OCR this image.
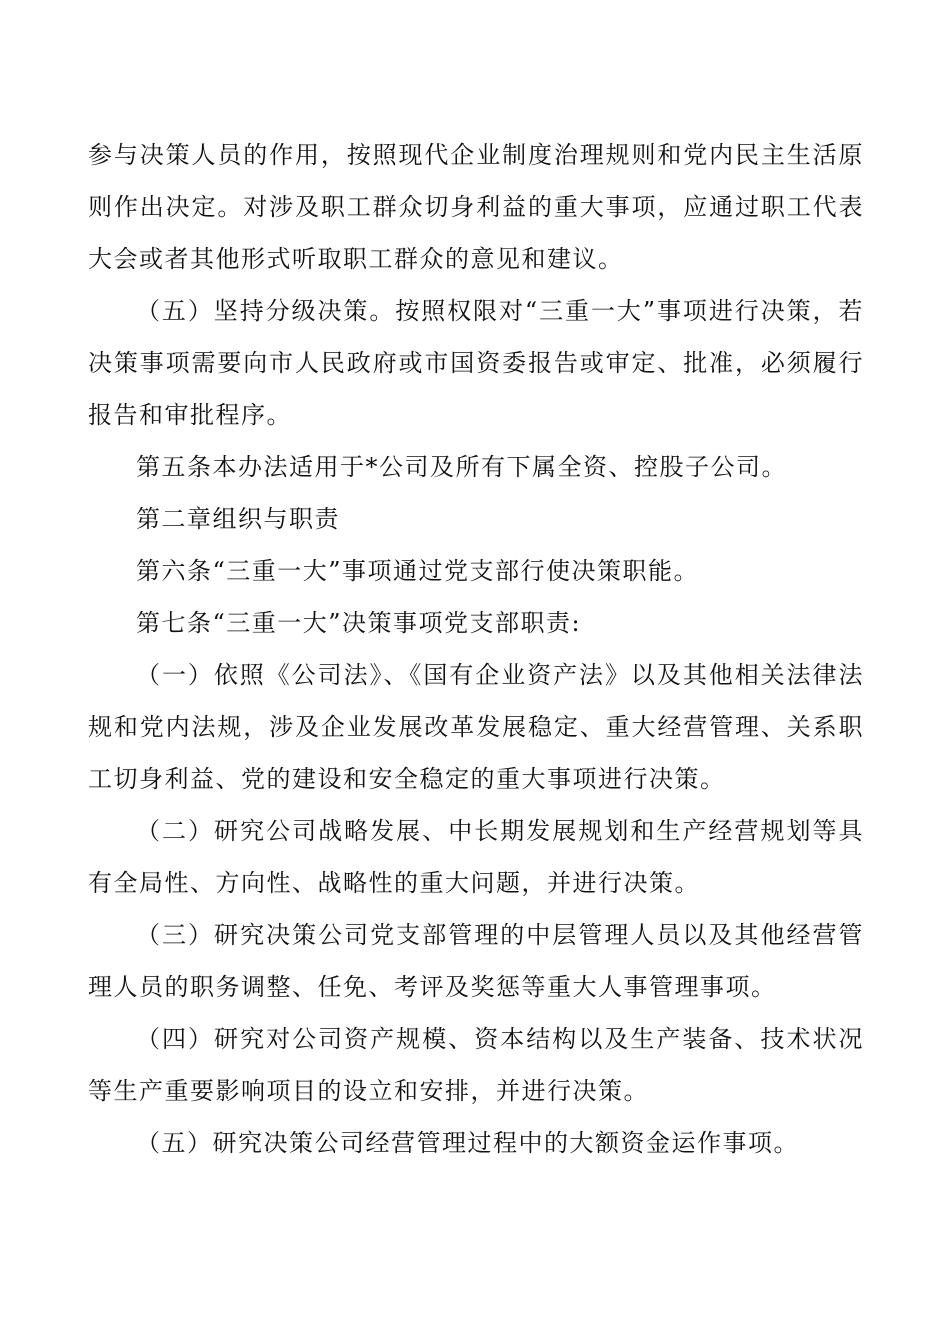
参与决策人员的作用，按照现代企业制度治理规则和党内民主生活原则作出决定。对涉及职工群众切身利益的重大事项，应通过职工代表大会或者其他形式听取职工群众的意见和建议。

（五）坚持分级决策。按照权限对“三重一大”事项进行决策，若决策事项需要向市人民政府或市国资委报告或审定、批准，必须履行报告和审批程序。

第五条本办法适用于*公司及所有下属全资、控股子公司。

第二章组织与职责

第六条“三重一大”事项通过党支部行使决策职能。

第七条“三重一大”决策事项党支部职责:

（一）依照《公司法》、《国有企业资产法》以及其他相关法律法规和党内法规，涉及企业发展改革发展稳定、重大经营管理、关系职工切身利益、党的建设和安全稳定的重大事项进行决策。

（二）研究公司战略发展、中长期发展规划和生产经营规划等具有全局性、方向性、战略性的重大问题，并进行决策。

（三）研究决策公司党支部管理的中层管理人员以及其他经营管理人员的职务调整、任免、考评及奖惩等重大人事管理事项。

（四）研究对公司资产规模、资本结构以及生产装备、技术状况等生产重要影响项目的设立和安排，并进行决策。

（五）研究决策公司经营管理过程中的大额资金运作事项。
